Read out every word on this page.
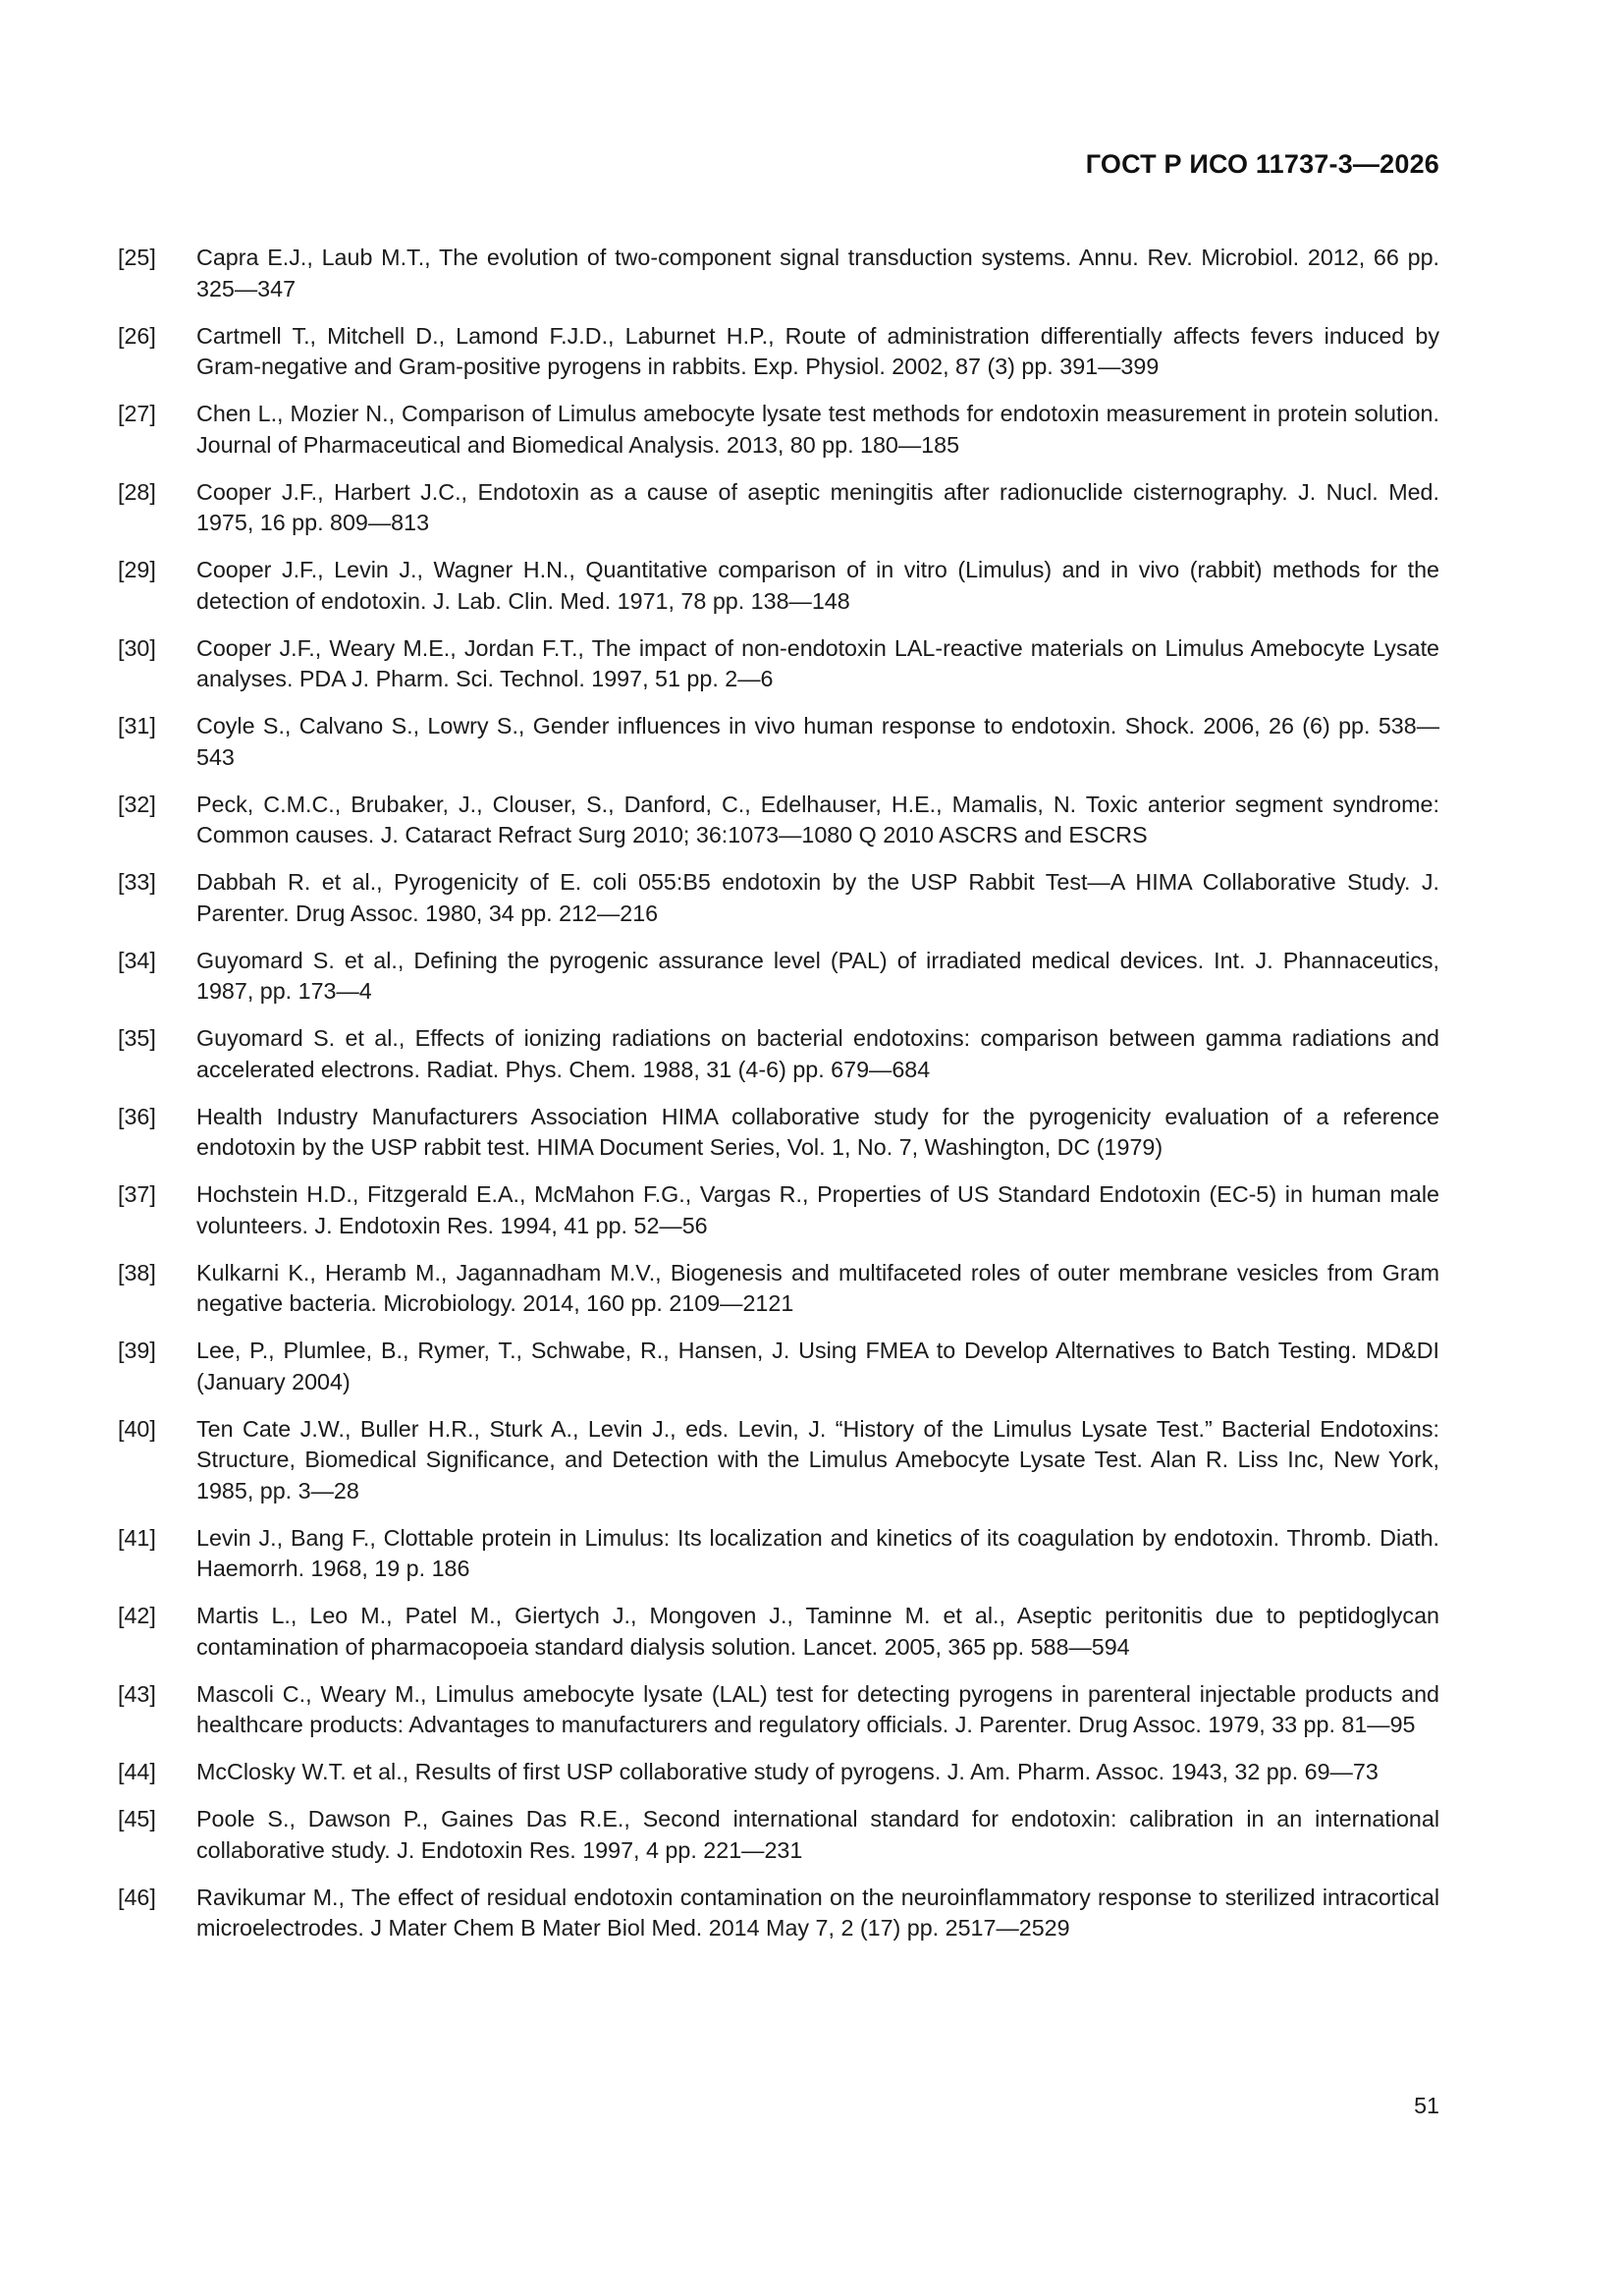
ГОСТ Р ИСО 11737-3—2026
[25]	Capra E.J., Laub M.T., The evolution of two-component signal transduction systems. Annu. Rev. Microbiol. 2012, 66 pp. 325—347
[26]	Cartmell T., Mitchell D., Lamond F.J.D., Laburnet H.P., Route of administration differentially affects fevers induced by Gram-negative and Gram-positive pyrogens in rabbits. Exp. Physiol. 2002, 87 (3) pp. 391—399
[27]	Chen L., Mozier N., Comparison of Limulus amebocyte lysate test methods for endotoxin measurement in protein solution. Journal of Pharmaceutical and Biomedical Analysis. 2013, 80 pp. 180—185
[28]	Cooper J.F., Harbert J.C., Endotoxin as a cause of aseptic meningitis after radionuclide cisternography. J. Nucl. Med. 1975, 16 pp. 809—813
[29]	Cooper J.F., Levin J., Wagner H.N., Quantitative comparison of in vitro (Limulus) and in vivo (rabbit) methods for the detection of endotoxin. J. Lab. Clin. Med. 1971, 78 pp. 138—148
[30]	Cooper J.F., Weary M.E., Jordan F.T., The impact of non-endotoxin LAL-reactive materials on Limulus Amebocyte Lysate analyses. PDA J. Pharm. Sci. Technol. 1997, 51 pp. 2—6
[31]	Coyle S., Calvano S., Lowry S., Gender influences in vivo human response to endotoxin. Shock. 2006, 26 (6) pp. 538—543
[32]	Peck, C.M.C., Brubaker, J., Clouser, S., Danford, C., Edelhauser, H.E., Mamalis, N. Toxic anterior segment syndrome: Common causes. J. Cataract Refract Surg 2010; 36:1073—1080 Q 2010 ASCRS and ESCRS
[33]	Dabbah R. et al., Pyrogenicity of E. coli 055:B5 endotoxin by the USP Rabbit Test—A HIMA Collaborative Study. J. Parenter. Drug Assoc. 1980, 34 pp. 212—216
[34]	Guyomard S. et al., Defining the pyrogenic assurance level (PAL) of irradiated medical devices. Int. J. Phannaceutics, 1987, pp. 173—4
[35]	Guyomard S. et al., Effects of ionizing radiations on bacterial endotoxins: comparison between gamma radiations and accelerated electrons. Radiat. Phys. Chem. 1988, 31 (4-6) pp. 679—684
[36]	Health Industry Manufacturers Association HIMA collaborative study for the pyrogenicity evaluation of a reference endotoxin by the USP rabbit test. HIMA Document Series, Vol. 1, No. 7, Washington, DC (1979)
[37]	Hochstein H.D., Fitzgerald E.A., McMahon F.G., Vargas R., Properties of US Standard Endotoxin (EC-5) in human male volunteers. J. Endotoxin Res. 1994, 41 pp. 52—56
[38]	Kulkarni K., Heramb M., Jagannadham M.V., Biogenesis and multifaceted roles of outer membrane vesicles from Gram negative bacteria. Microbiology. 2014, 160 pp. 2109—2121
[39]	Lee, P., Plumlee, B., Rymer, T., Schwabe, R., Hansen, J. Using FMEA to Develop Alternatives to Batch Testing. MD&DI (January 2004)
[40]	Ten Cate J.W., Buller H.R., Sturk A., Levin J., eds. Levin, J. “History of the Limulus Lysate Test.” Bacterial Endotoxins: Structure, Biomedical Significance, and Detection with the Limulus Amebocyte Lysate Test. Alan R. Liss Inc, New York, 1985, pp. 3—28
[41]	Levin J., Bang F., Clottable protein in Limulus: Its localization and kinetics of its coagulation by endotoxin. Thromb. Diath. Haemorrh. 1968, 19 p. 186
[42]	Martis L., Leo M., Patel M., Giertych J., Mongoven J., Taminne M. et al., Aseptic peritonitis due to peptidoglycan contamination of pharmacopoeia standard dialysis solution. Lancet. 2005, 365 pp. 588—594
[43]	Mascoli C., Weary M., Limulus amebocyte lysate (LAL) test for detecting pyrogens in parenteral injectable products and healthcare products: Advantages to manufacturers and regulatory officials. J. Parenter. Drug Assoc. 1979, 33 pp. 81—95
[44]	McClosky W.T. et al., Results of first USP collaborative study of pyrogens. J. Am. Pharm. Assoc. 1943, 32 pp. 69—73
[45]	Poole S., Dawson P., Gaines Das R.E., Second international standard for endotoxin: calibration in an international collaborative study. J. Endotoxin Res. 1997, 4 pp. 221—231
[46]	Ravikumar M., The effect of residual endotoxin contamination on the neuroinflammatory response to sterilized intracortical microelectrodes. J Mater Chem B Mater Biol Med. 2014 May 7, 2 (17) pp. 2517—2529
51
